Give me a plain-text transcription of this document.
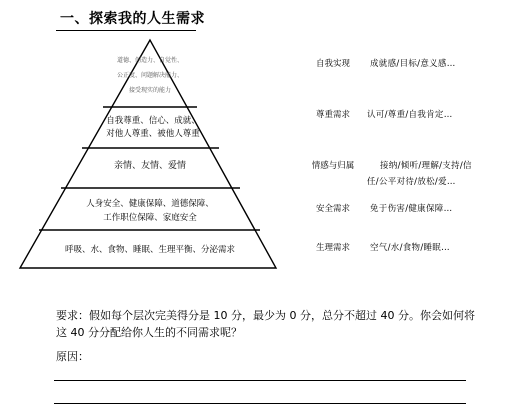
一、探索我的人生需求
道德、创造力、自觉性、
公正度、问题解决能力、
接受现实的能力
自我尊重、信心、成就、
对他人尊重、被他人尊重
亲情、友情、爱情
人身安全、健康保障、道德保障、
工作职位保障、家庭安全
呼吸、水、食物、睡眠、生理平衡、分泌需求
自我实现	成就感/目标/意义感…
尊重需求	认可/尊重/自我肯定…
情感与归属	接纳/倾听/理解/支持/信
任/公平对待/放松/爱…
安全需求	免于伤害/健康保障…
生理需求	空气/水/食物/睡眠…
要求：假如每个层次完美得分是 10 分，最少为 0 分，总分不超过 40 分。你会如何将这 40 分分配给你人生的不同需求呢？
原因：
